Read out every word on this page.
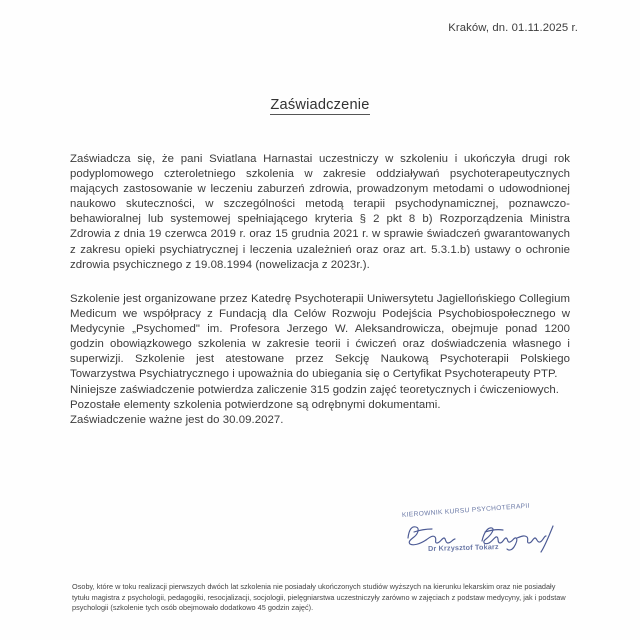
Kraków, dn. 01.11.2025 r.
Zaświadczenie

Zaświadcza się, że pani Sviatlana Harnastai uczestniczy w szkoleniu i ukończyła drugi rok podyplomowego czteroletniego szkolenia w zakresie oddziaływań psychoterapeutycznych mających zastosowanie w leczeniu zaburzeń zdrowia, prowadzonym metodami o udowodnionej naukowo skuteczności, w szczególności metodą terapii psychodynamicznej, poznawczo-behawioralnej lub systemowej spełniającego kryteria § 2 pkt 8 b) Rozporządzenia Ministra Zdrowia z dnia 19 czerwca 2019 r. oraz 15 grudnia 2021 r. w sprawie świadczeń gwarantowanych z zakresu opieki psychiatrycznej i leczenia uzależnień oraz oraz art. 5.3.1.b) ustawy o ochronie zdrowia psychicznego z 19.08.1994 (nowelizacja z 2023r.).

Szkolenie jest organizowane przez Katedrę Psychoterapii Uniwersytetu Jagiellońskiego Collegium Medicum we współpracy z Fundacją dla Celów Rozwoju Podejścia Psychobiospołecznego w Medycynie „Psychomed" im. Profesora Jerzego W. Aleksandrowicza, obejmuje ponad 1200 godzin obowiązkowego szkolenia w zakresie teorii i ćwiczeń oraz doświadczenia własnego i superwizji. Szkolenie jest atestowane przez Sekcję Naukową Psychoterapii Polskiego Towarzystwa Psychiatrycznego i upoważnia do ubiegania się o Certyfikat Psychoterapeuty PTP.

Niniejsze zaświadczenie potwierdza zaliczenie 315 godzin zajęć teoretycznych i ćwiczeniowych.

Pozostałe elementy szkolenia potwierdzone są odrębnymi dokumentami.

Zaświadczenie ważne jest do 30.09.2027.

KIEROWNIK KURSU PSYCHOTERAPII
Dr Krzysztof Tokarz

Osoby, które w toku realizacji pierwszych dwóch lat szkolenia nie posiadały ukończonych studiów wyższych na kierunku lekarskim oraz nie posiadały tytułu magistra z psychologii, pedagogiki, resocjalizacji, socjologii, pielęgniarstwa uczestniczyły zarówno w zajęciach z podstaw medycyny, jak i podstaw psychologii (szkolenie tych osób obejmowało dodatkowo 45 godzin zajęć).
